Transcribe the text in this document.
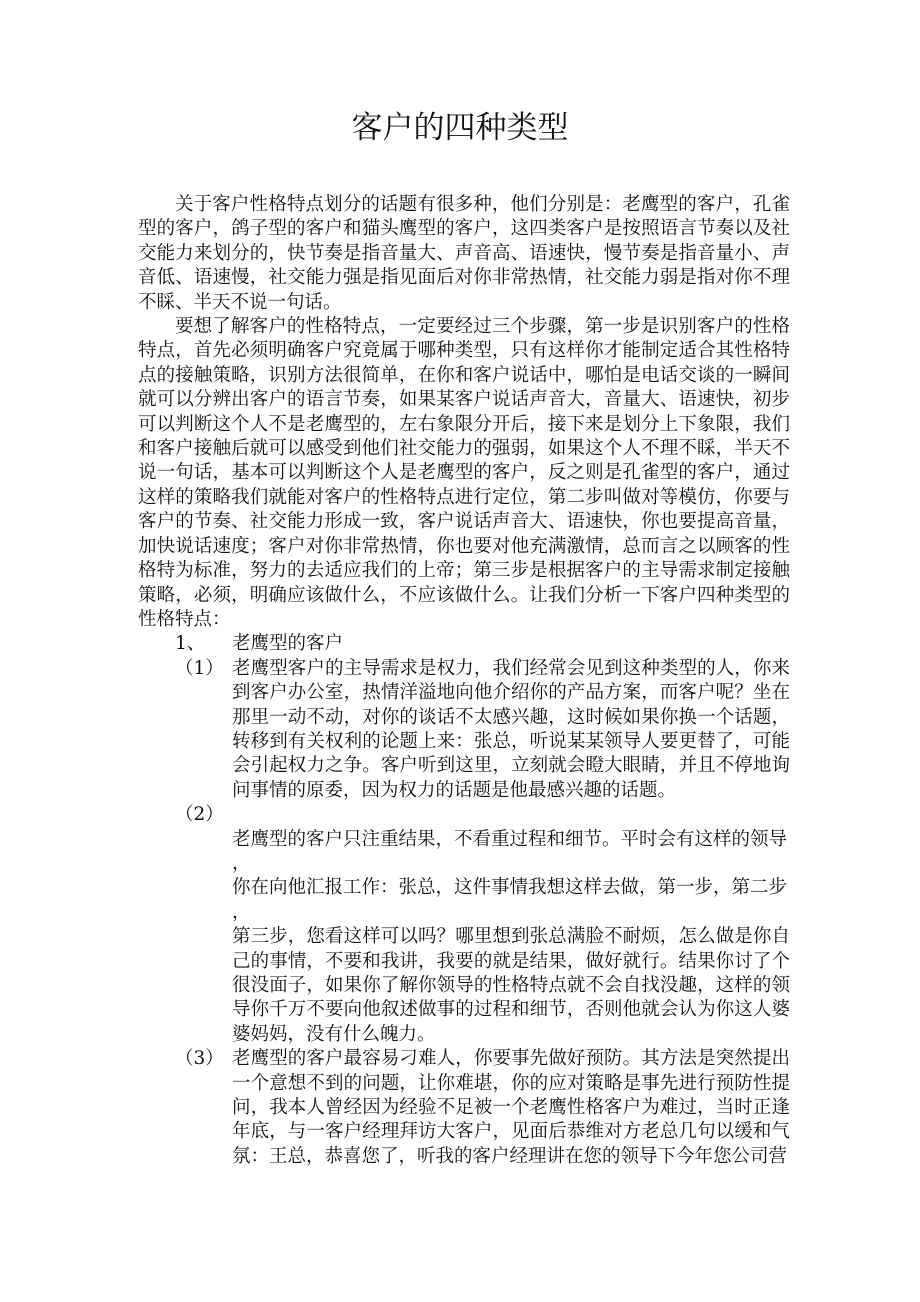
客户的四种类型

关于客户性格特点划分的话题有很多种，他们分别是：老鹰型的客户，孔雀型的客户，鸽子型的客户和猫头鹰型的客户，这四类客户是按照语言节奏以及社交能力来划分的，快节奏是指音量大、声音高、语速快，慢节奏是指音量小、声音低、语速慢，社交能力强是指见面后对你非常热情，社交能力弱是指对你不理不睬、半天不说一句话。

要想了解客户的性格特点，一定要经过三个步骤，第一步是识别客户的性格特点，首先必须明确客户究竟属于哪种类型，只有这样你才能制定适合其性格特点的接触策略，识别方法很简单，在你和客户说话中，哪怕是电话交谈的一瞬间就可以分辨出客户的语言节奏，如果某客户说话声音大，音量大、语速快，初步可以判断这个人不是老鹰型的，左右象限分开后，接下来是划分上下象限，我们和客户接触后就可以感受到他们社交能力的强弱，如果这个人不理不睬，半天不说一句话，基本可以判断这个人是老鹰型的客户，反之则是孔雀型的客户，通过这样的策略我们就能对客户的性格特点进行定位，第二步叫做对等模仿，你要与客户的节奏、社交能力形成一致，客户说话声音大、语速快，你也要提高音量，加快说话速度；客户对你非常热情，你也要对他充满激情，总而言之以顾客的性格特为标准，努力的去适应我们的上帝；第三步是根据客户的主导需求制定接触策略，必须，明确应该做什么，不应该做什么。让我们分析一下客户四种类型的性格特点：

1、	老鹰型的客户
（1） 老鹰型客户的主导需求是权力，我们经常会见到这种类型的人，你来到客户办公室，热情洋溢地向他介绍你的产品方案，而客户呢？坐在那里一动不动，对你的谈话不太感兴趣，这时候如果你换一个话题，转移到有关权利的论题上来：张总，听说某某领导人要更替了，可能会引起权力之争。客户听到这里，立刻就会瞪大眼睛，并且不停地询问事情的原委，因为权力的话题是他最感兴趣的话题。
（2）
老鹰型的客户只注重结果，不看重过程和细节。平时会有这样的领导
，
你在向他汇报工作：张总，这件事情我想这样去做，第一步，第二步
，
第三步，您看这样可以吗？哪里想到张总满脸不耐烦，怎么做是你自己的事情，不要和我讲，我要的就是结果，做好就行。结果你讨了个很没面子，如果你了解你领导的性格特点就不会自找没趣，这样的领导你千万不要向他叙述做事的过程和细节，否则他就会认为你这人婆婆妈妈，没有什么魄力。
（3） 老鹰型的客户最容易刁难人，你要事先做好预防。其方法是突然提出一个意想不到的问题，让你难堪，你的应对策略是事先进行预防性提问，我本人曾经因为经验不足被一个老鹰性格客户为难过，当时正逢年底，与一客户经理拜访大客户，见面后恭维对方老总几句以缓和气氛：王总，恭喜您了，听我的客户经理讲在您的领导下今年您公司营
